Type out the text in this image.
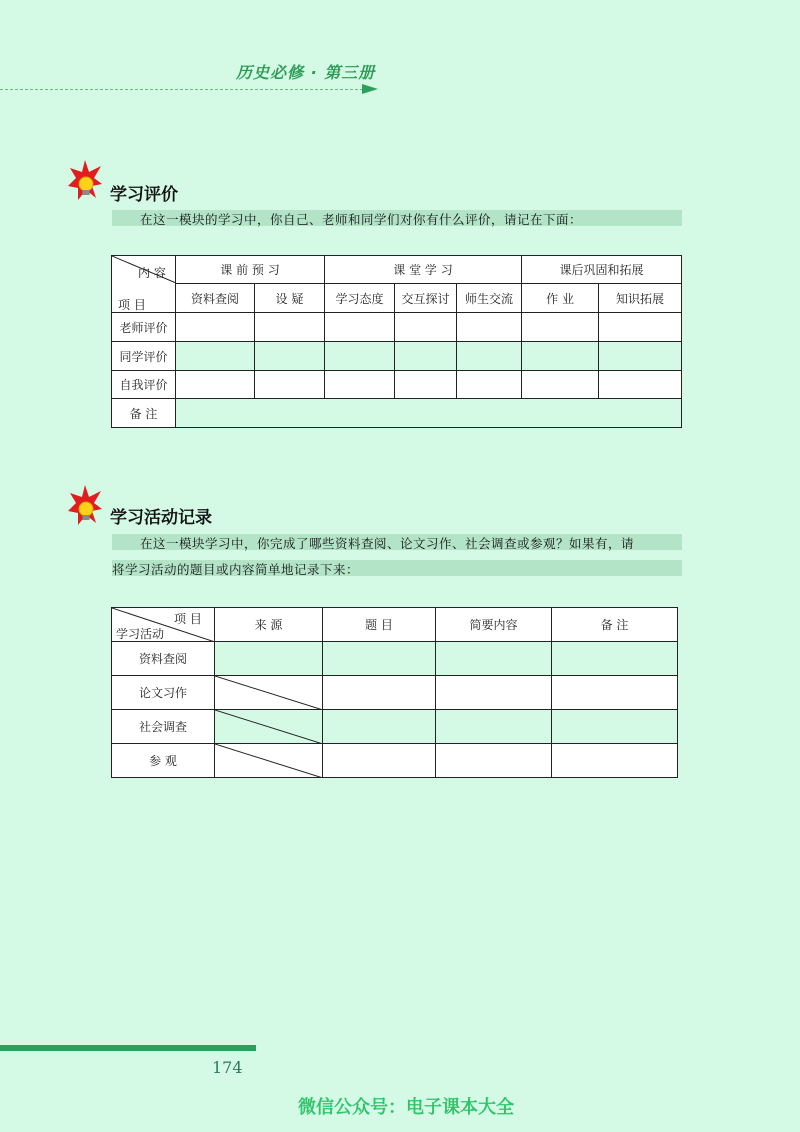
历史必修 · 第三册
学习评价
在这一模块的学习中，你自己、老师和同学们对你有什么评价，请记在下面：
内 容
项 目	课 前 预 习		课 堂 学 习			课后巩固和拓展	
	资料查阅	设 疑	学习态度	交互探讨	师生交流	作 业	知识拓展
老师评价							
同学评价							
自我评价							
备 注							
学习活动记录
在这一模块学习中，你完成了哪些资料查阅、论文习作、社会调查或参观？如果有，请
将学习活动的题目或内容简单地记录下来：
项 目
学习活动	来 源	题 目	简要内容	备 注
资料查阅				
论文习作	

社会调查	

参 观	

174
微信公众号：电子课本大全
